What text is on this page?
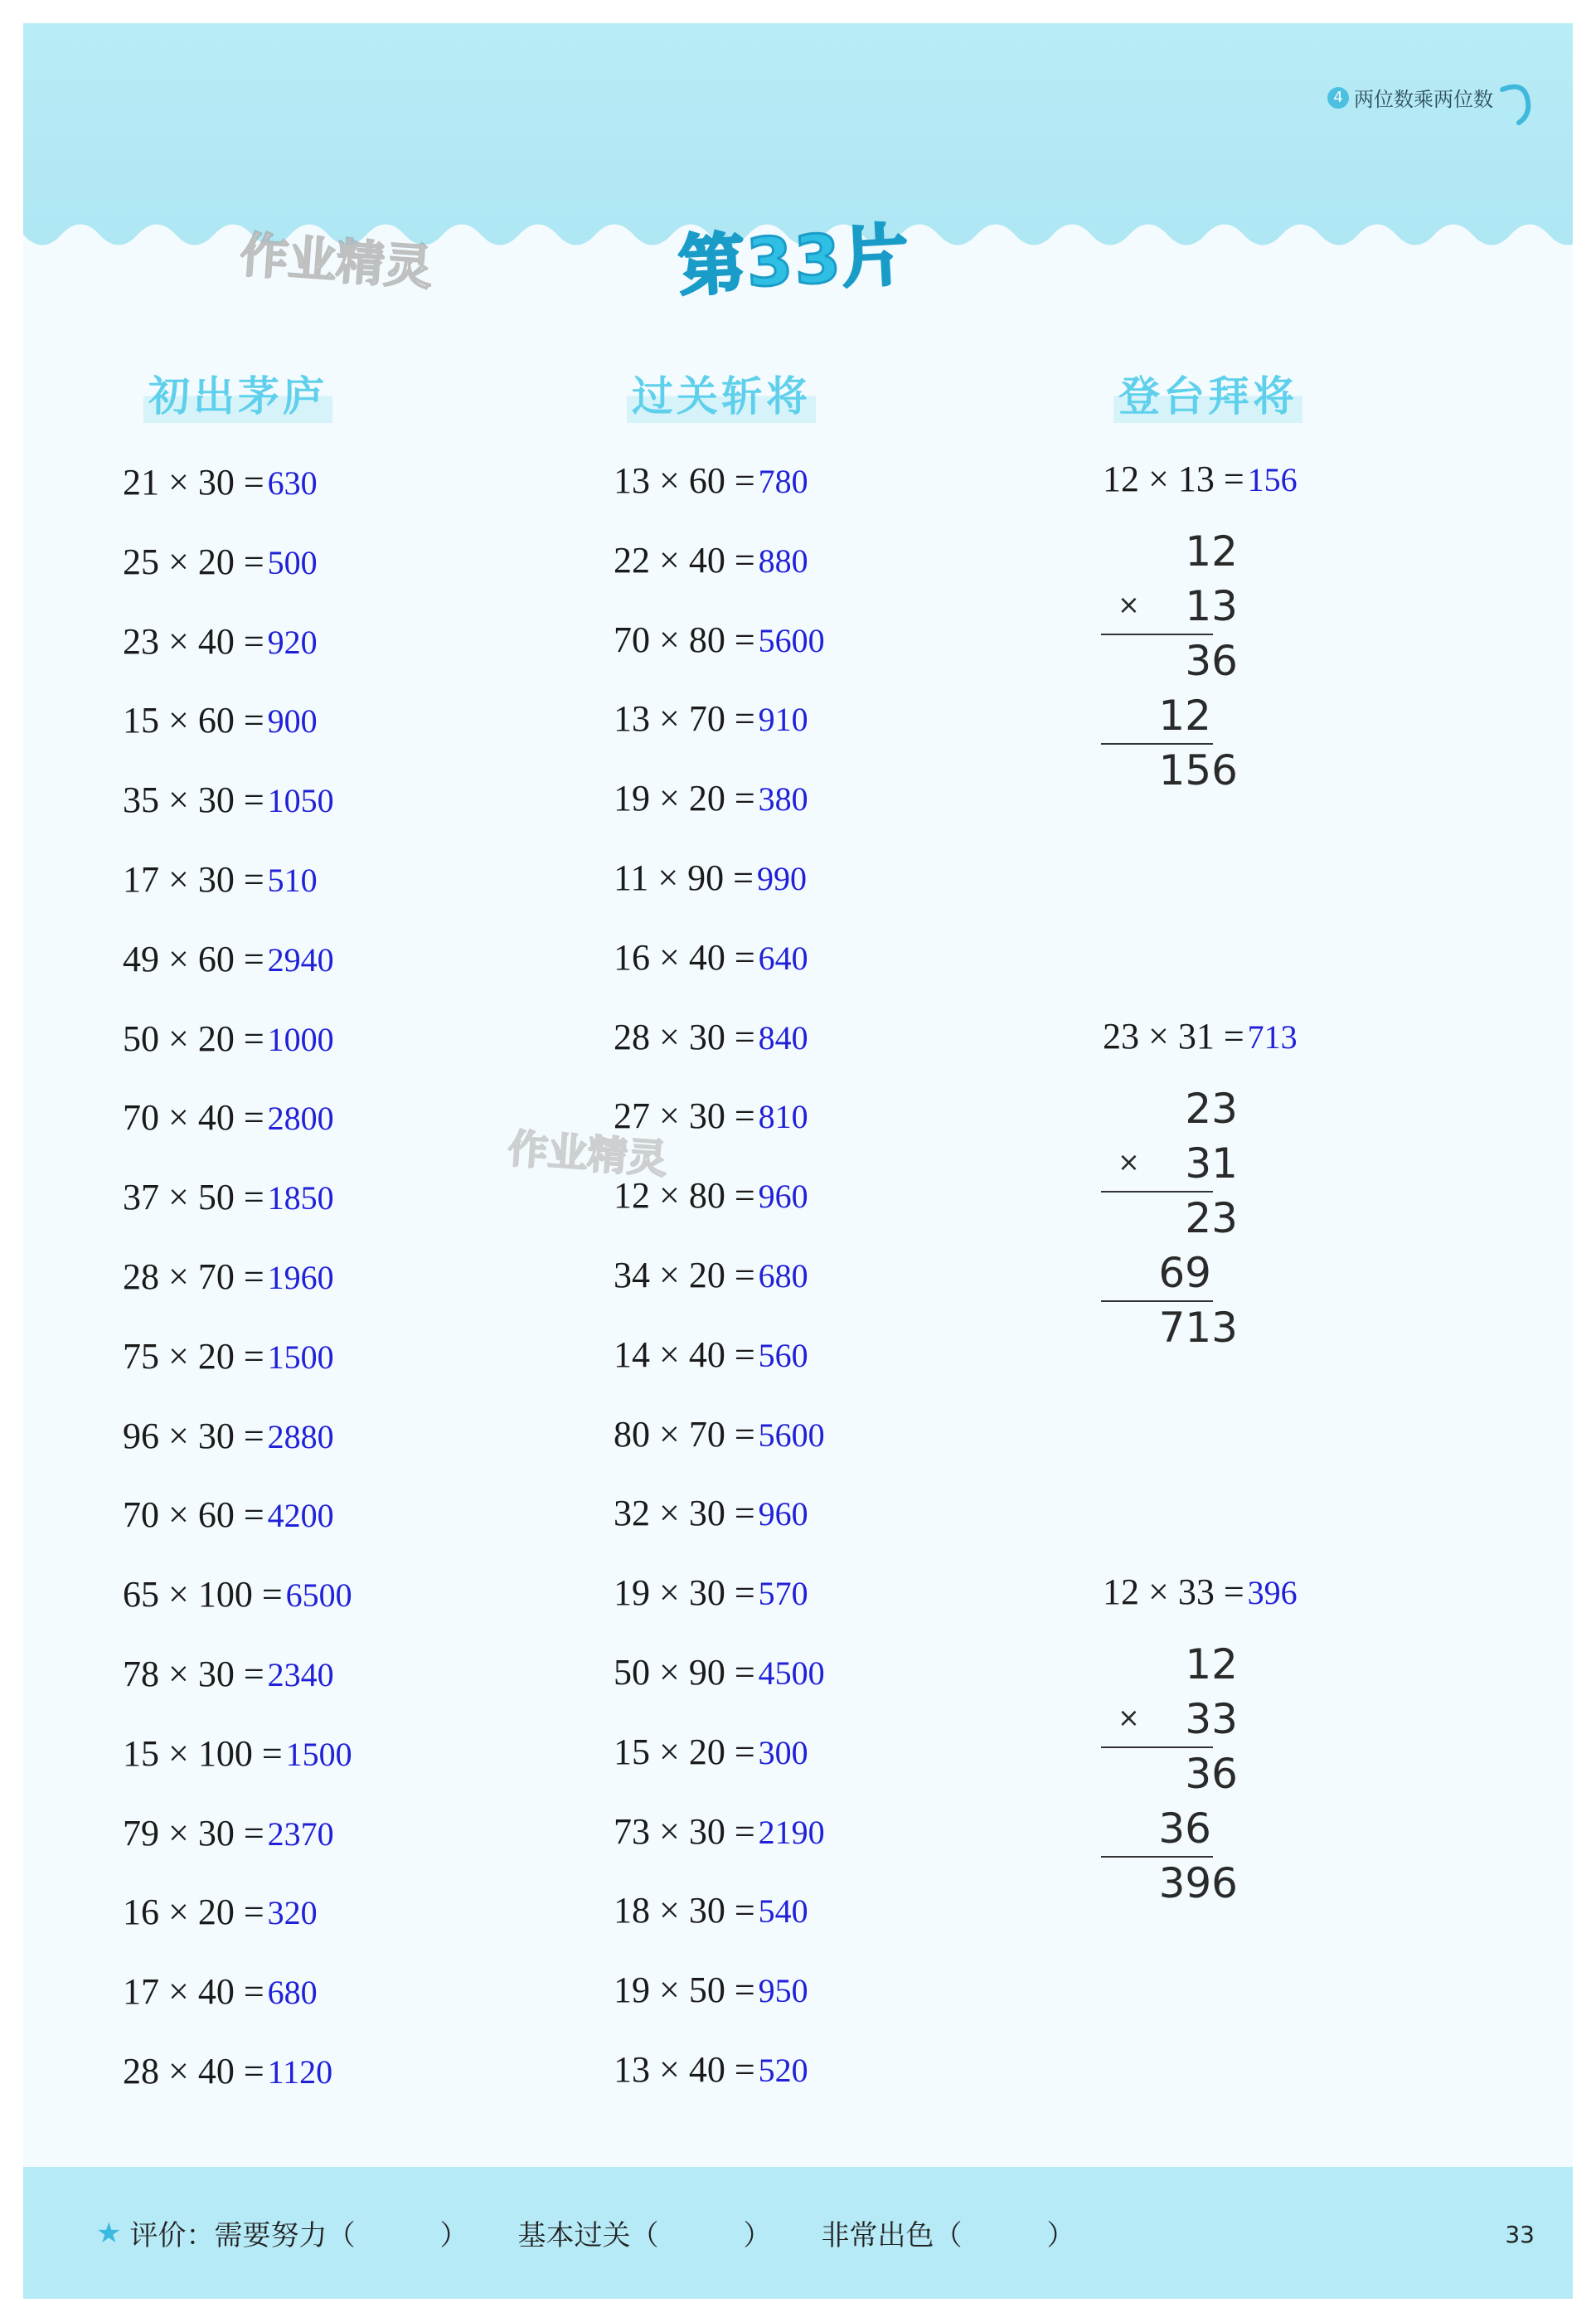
4 两位数乘两位数
作业精灵	第33片
初出茅庐	过关斩将	登台拜将
21 × 30 = 630
25 × 20 = 500
23 × 40 = 920
15 × 60 = 900
35 × 30 = 1050
17 × 30 = 510
49 × 60 = 2940
50 × 20 = 1000
70 × 40 = 2800
37 × 50 = 1850
28 × 70 = 1960
75 × 20 = 1500
96 × 30 = 2880
70 × 60 = 4200
65 × 100 = 6500
78 × 30 = 2340
15 × 100 = 1500
79 × 30 = 2370
16 × 20 = 320
17 × 40 = 680
28 × 40 = 1120
13 × 60 = 780
22 × 40 = 880
70 × 80 = 5600
13 × 70 = 910
19 × 20 = 380
11 × 90 = 990
16 × 40 = 640
28 × 30 = 840
27 × 30 = 810
12 × 80 = 960
34 × 20 = 680
14 × 40 = 560
80 × 70 = 5600
32 × 30 = 960
19 × 30 = 570
50 × 90 = 4500
15 × 20 = 300
73 × 30 = 2190
18 × 30 = 540
19 × 50 = 950
13 × 40 = 520
12 × 13 = 156
12
13
36
12
156
×
23 × 31 = 713
23
31
23
69
713
×
12 × 33 = 396
12
33
36
36
396
×
作业精灵
★ 评价： 需要努力（　　　） 基本过关（　　　） 非常出色（　　　）	33
